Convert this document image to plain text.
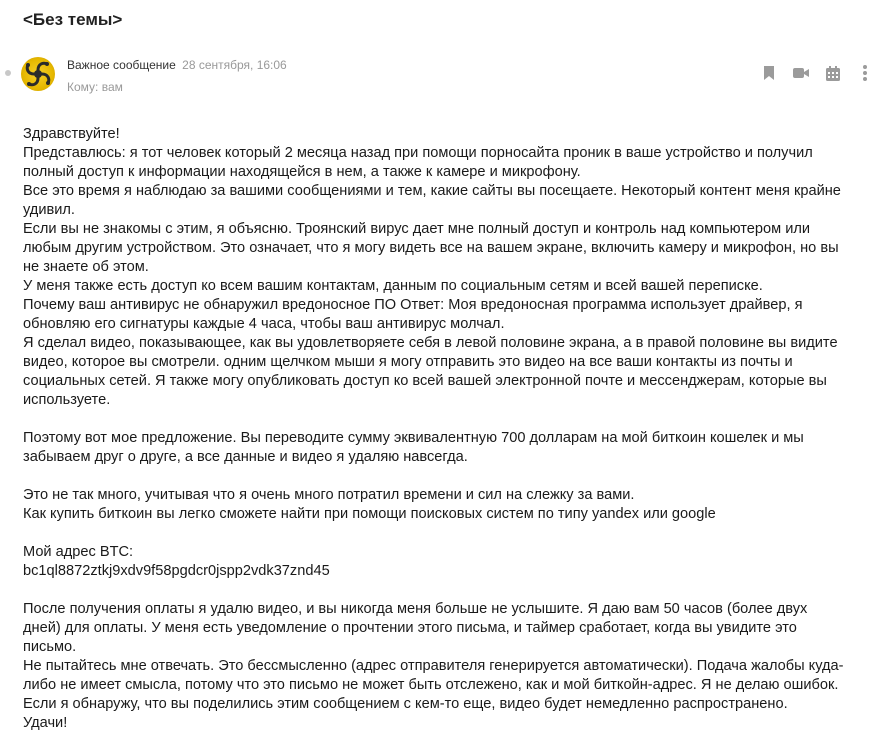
<Без темы>
Важное сообщение 28 сентября, 16:06
Кому: вам

Здравствуйте!

Представлюсь: я тот человек который 2 месяца назад при помощи порносайта проник в ваше устройство и получил

полный доступ к информации находящейся в нем, а также к камере и микрофону.

Все это время я наблюдаю за вашими сообщениями и тем, какие сайты вы посещаете. Некоторый контент меня крайне

удивил.

Если вы не знакомы с этим, я объясню. Троянский вирус дает мне полный доступ и контроль над компьютером или

любым другим устройством. Это означает, что я могу видеть все на вашем экране, включить камеру и микрофон, но вы

не знаете об этом.

У меня также есть доступ ко всем вашим контактам, данным по социальным сетям и всей вашей переписке.

Почему ваш антивирус не обнаружил вредоносное ПО Ответ: Моя вредоносная программа использует драйвер, я

обновляю его сигнатуры каждые 4 часа, чтобы ваш антивирус молчал.

Я сделал видео, показывающее, как вы удовлетворяете себя в левой половине экрана, а в правой половине вы видите

видео, которое вы смотрели. одним щелчком мыши я могу отправить это видео на все ваши контакты из почты и

социальных сетей. Я также могу опубликовать доступ ко всей вашей электронной почте и мессенджерам, которые вы

используете.

Поэтому вот мое предложение. Вы переводите сумму эквивалентную 700 долларам на мой биткоин кошелек и мы

забываем друг о друге, а все данные и видео я удаляю навсегда.

Это не так много, учитывая что я очень много потратил времени и сил на слежку за вами.

Как купить биткоин вы легко сможете найти при помощи поисковых систем по типу yandex или google

Мой адрес BTC:

bc1ql8872ztkj9xdv9f58pgdcr0jspp2vdk37znd45

После получения оплаты я удалю видео, и вы никогда меня больше не услышите. Я даю вам 50 часов (более двух

дней) для оплаты. У меня есть уведомление о прочтении этого письма, и таймер сработает, когда вы увидите это

письмо.

Не пытайтесь мне отвечать. Это бессмысленно (адрес отправителя генерируется автоматически). Подача жалобы куда-

либо не имеет смысла, потому что это письмо не может быть отслежено, как и мой биткойн-адрес. Я не делаю ошибок.

Если я обнаружу, что вы поделились этим сообщением с кем-то еще, видео будет немедленно распространено.

Удачи!
